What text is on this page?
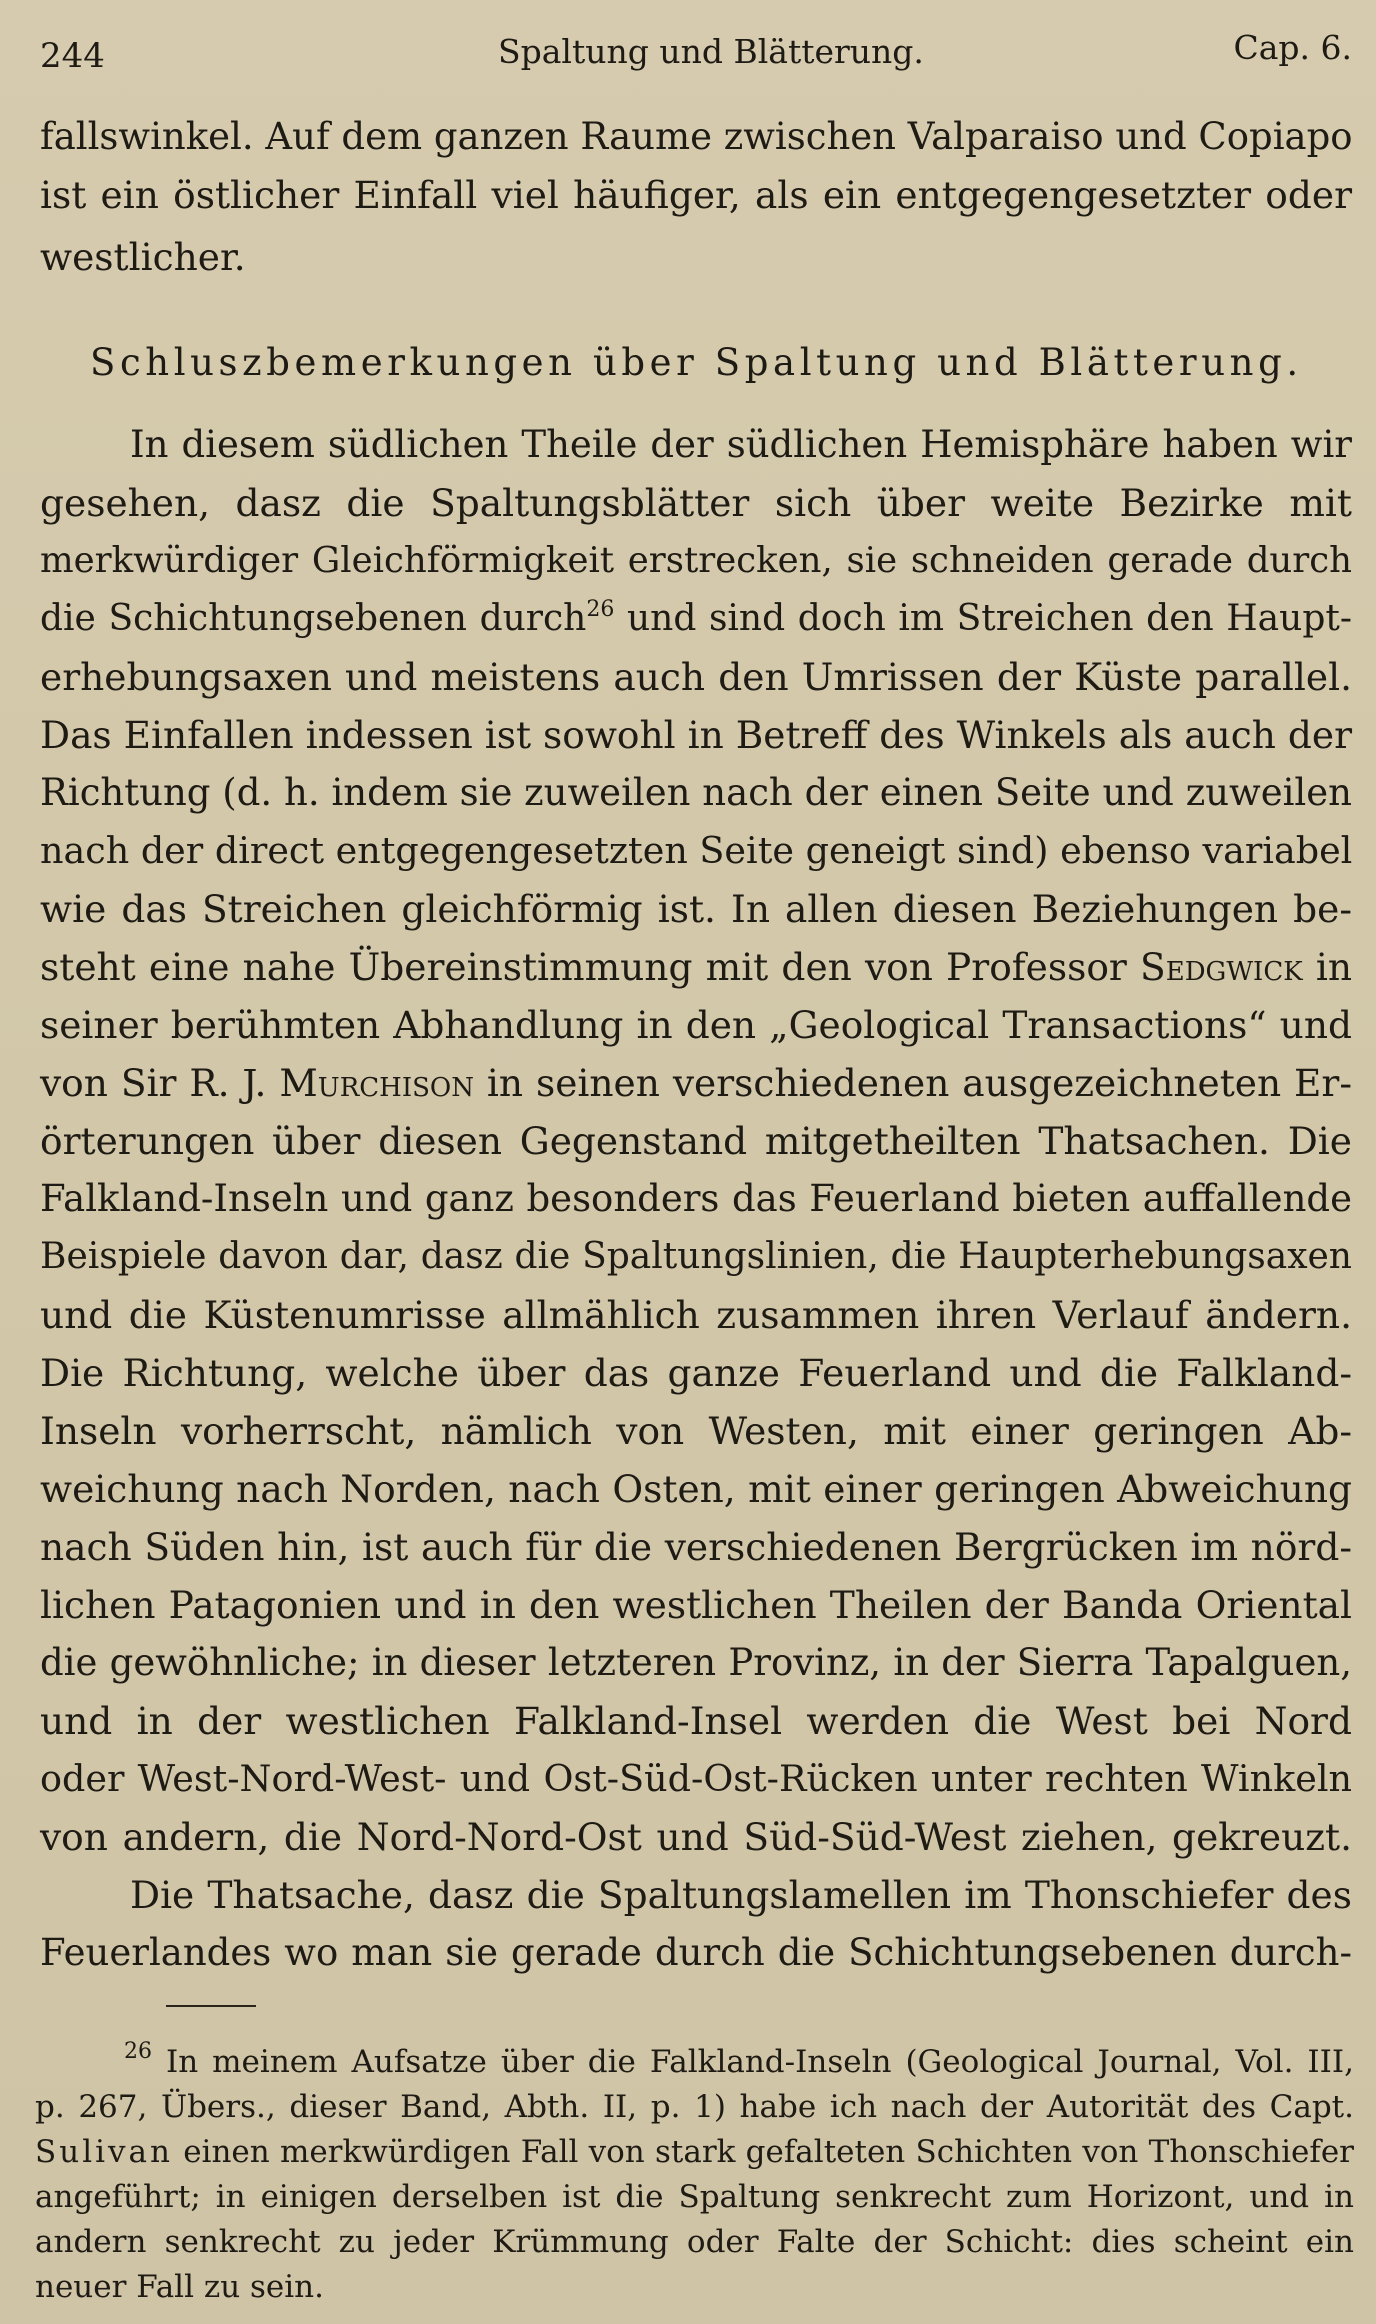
244	Spaltung und Blätterung.	Cap. 6.
fallswinkel. Auf dem ganzen Raume zwischen Valparaiso und Copiapo
ist ein östlicher Einfall viel häufiger, als ein entgegengesetzter oder
westlicher.
Schluszbemerkungen über Spaltung und Blätterung.
In diesem südlichen Theile der südlichen Hemisphäre haben wir
gesehen, dasz die Spaltungsblätter sich über weite Bezirke mit
merkwürdiger Gleichförmigkeit erstrecken, sie schneiden gerade durch
die Schichtungsebenen durch$^{26}$ und sind doch im Streichen den Haupt-
erhebungsaxen und meistens auch den Umrissen der Küste parallel.
Das Einfallen indessen ist sowohl in Betreff des Winkels als auch der
Richtung (d. h. indem sie zuweilen nach der einen Seite und zuweilen
nach der direct entgegengesetzten Seite geneigt sind) ebenso variabel
wie das Streichen gleichförmig ist. In allen diesen Beziehungen be-
steht eine nahe Übereinstimmung mit den von Professor Sedgwick in
seiner berühmten Abhandlung in den „Geological Transactions“ und
von Sir R. J. Murchison in seinen verschiedenen ausgezeichneten Er-
örterungen über diesen Gegenstand mitgetheilten Thatsachen. Die
Falkland-Inseln und ganz besonders das Feuerland bieten auffallende
Beispiele davon dar, dasz die Spaltungslinien, die Haupterhebungsaxen
und die Küstenumrisse allmählich zusammen ihren Verlauf ändern.
Die Richtung, welche über das ganze Feuerland und die Falkland-
Inseln vorherrscht, nämlich von Westen, mit einer geringen Ab-
weichung nach Norden, nach Osten, mit einer geringen Abweichung
nach Süden hin, ist auch für die verschiedenen Bergrücken im nörd-
lichen Patagonien und in den westlichen Theilen der Banda Oriental
die gewöhnliche; in dieser letzteren Provinz, in der Sierra Tapalguen,
und in der westlichen Falkland-Insel werden die West bei Nord
oder West-Nord-West- und Ost-Süd-Ost-Rücken unter rechten Winkeln
von andern, die Nord-Nord-Ost und Süd-Süd-West ziehen, gekreuzt.
Die Thatsache, dasz die Spaltungslamellen im Thonschiefer des
Feuerlandes wo man sie gerade durch die Schichtungsebenen durch-
$^{26}$ In meinem Aufsatze über die Falkland-Inseln (Geological Journal, Vol. III,
p. 267, Übers., dieser Band, Abth. II, p. 1) habe ich nach der Autorität des Capt.
Sulivan einen merkwürdigen Fall von stark gefalteten Schichten von Thonschiefer
angeführt; in einigen derselben ist die Spaltung senkrecht zum Horizont, und in
andern senkrecht zu jeder Krümmung oder Falte der Schicht: dies scheint ein
neuer Fall zu sein.
